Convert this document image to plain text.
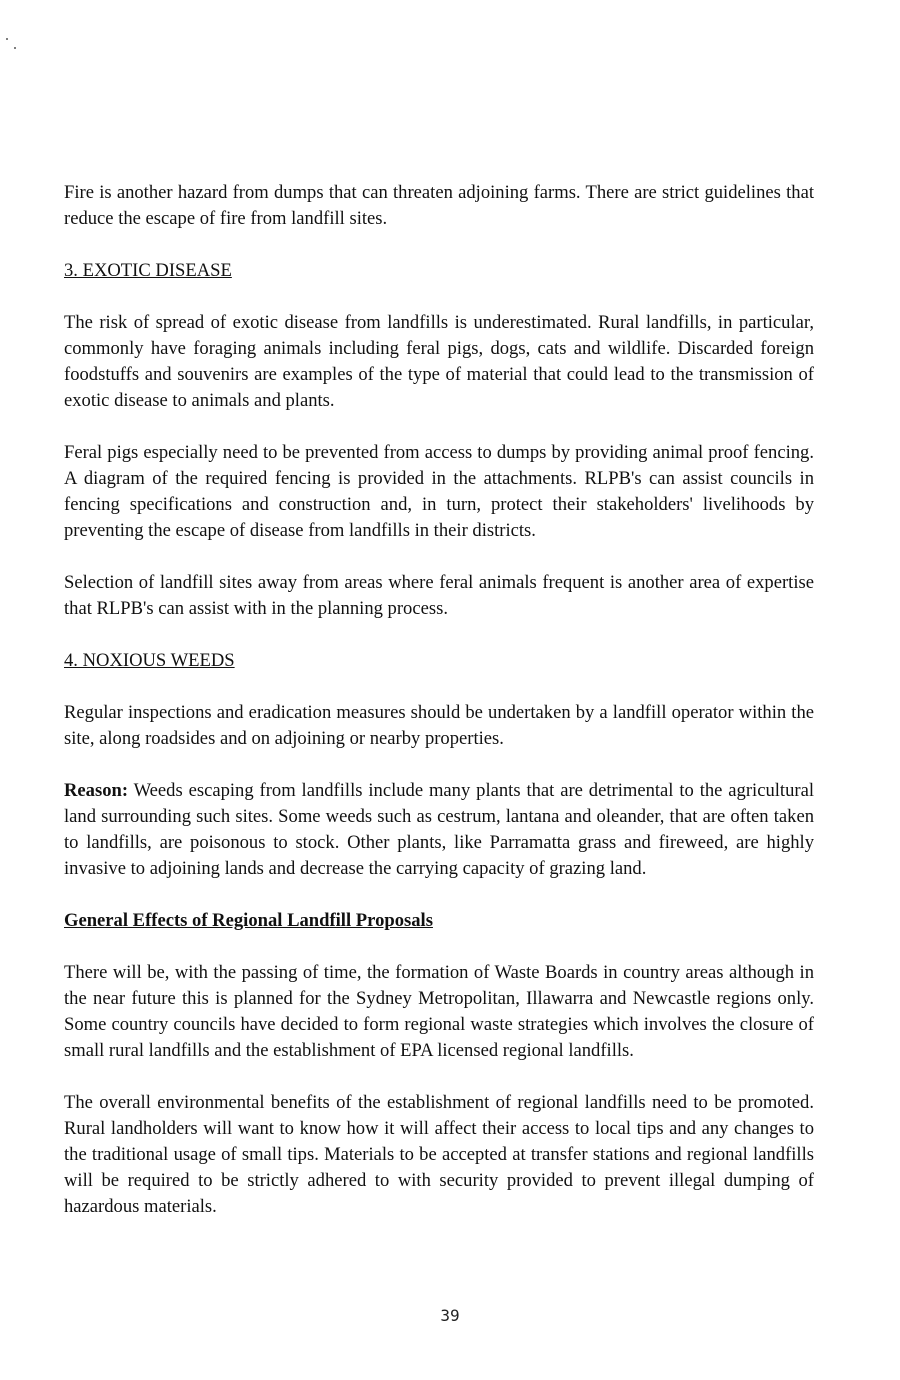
Fire is another hazard from dumps that can threaten adjoining farms. There are strict guidelines that reduce the escape of fire from landfill sites.

3. EXOTIC DISEASE

The risk of spread of exotic disease from landfills is underestimated. Rural landfills, in particular, commonly have foraging animals including feral pigs, dogs, cats and wildlife. Discarded foreign foodstuffs and souvenirs are examples of the type of material that could lead to the transmission of exotic disease to animals and plants.

Feral pigs especially need to be prevented from access to dumps by providing animal proof fencing. A diagram of the required fencing is provided in the attachments. RLPB's can assist councils in fencing specifications and construction and, in turn, protect their stakeholders' livelihoods by preventing the escape of disease from landfills in their districts.

Selection of landfill sites away from areas where feral animals frequent is another area of expertise that RLPB's can assist with in the planning process.

4. NOXIOUS WEEDS

Regular inspections and eradication measures should be undertaken by a landfill operator within the site, along roadsides and on adjoining or nearby properties.

Reason: Weeds escaping from landfills include many plants that are detrimental to the agricultural land surrounding such sites. Some weeds such as cestrum, lantana and oleander, that are often taken to landfills, are poisonous to stock. Other plants, like Parramatta grass and fireweed, are highly invasive to adjoining lands and decrease the carrying capacity of grazing land.

General Effects of Regional Landfill Proposals

There will be, with the passing of time, the formation of Waste Boards in country areas although in the near future this is planned for the Sydney Metropolitan, Illawarra and Newcastle regions only. Some country councils have decided to form regional waste strategies which involves the closure of small rural landfills and the establishment of EPA licensed regional landfills.

The overall environmental benefits of the establishment of regional landfills need to be promoted. Rural landholders will want to know how it will affect their access to local tips and any changes to the traditional usage of small tips. Materials to be accepted at transfer stations and regional landfills will be required to be strictly adhered to with security provided to prevent illegal dumping of hazardous materials.

39
